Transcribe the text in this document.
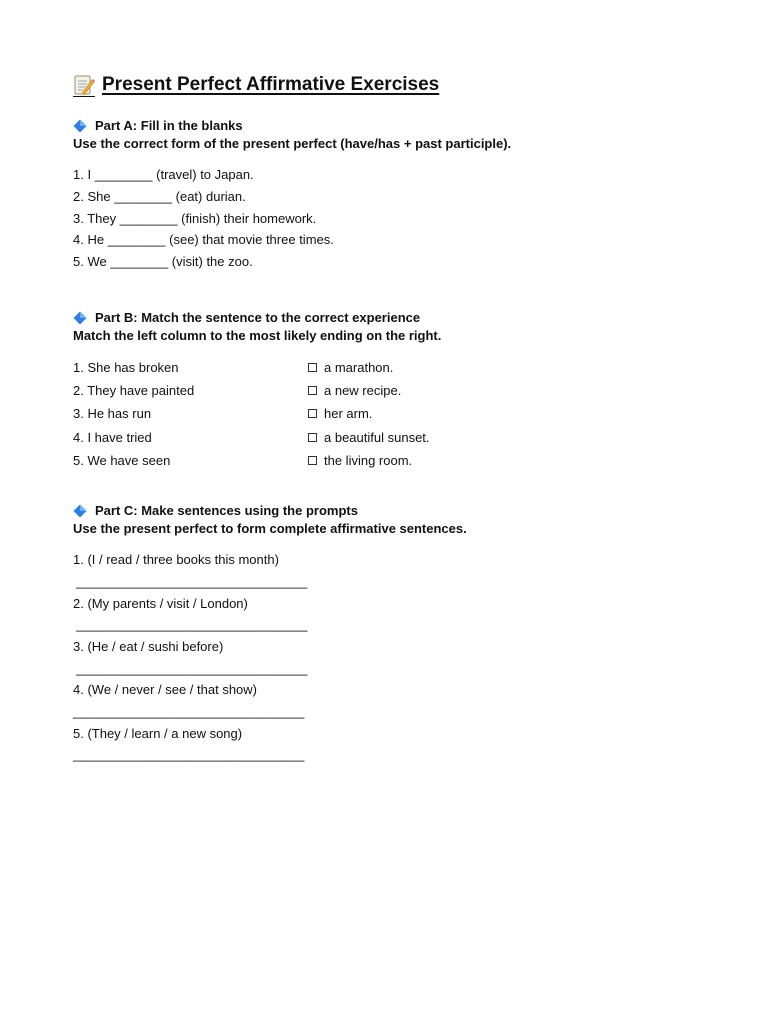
Present Perfect Affirmative Exercises
Part A: Fill in the blanks
Use the correct form of the present perfect (have/has + past participle).
1. I ________ (travel) to Japan.
2. She ________ (eat) durian.
3. They ________ (finish) their homework.
4. He ________ (see) that movie three times.
5. We ________ (visit) the zoo.
Part B: Match the sentence to the correct experience
Match the left column to the most likely ending on the right.
1. She has broken	a marathon.
2. They have painted	a new recipe.
3. He has run	her arm.
4. I have tried	a beautiful sunset.
5. We have seen	the living room.
Part C: Make sentences using the prompts
Use the present perfect to form complete affirmative sentences.
1. (I / read / three books this month)
________________________________
2. (My parents / visit / London)
________________________________
3. (He / eat / sushi before)
________________________________
4. (We / never / see / that show)
________________________________
5. (They / learn / a new song)
________________________________
